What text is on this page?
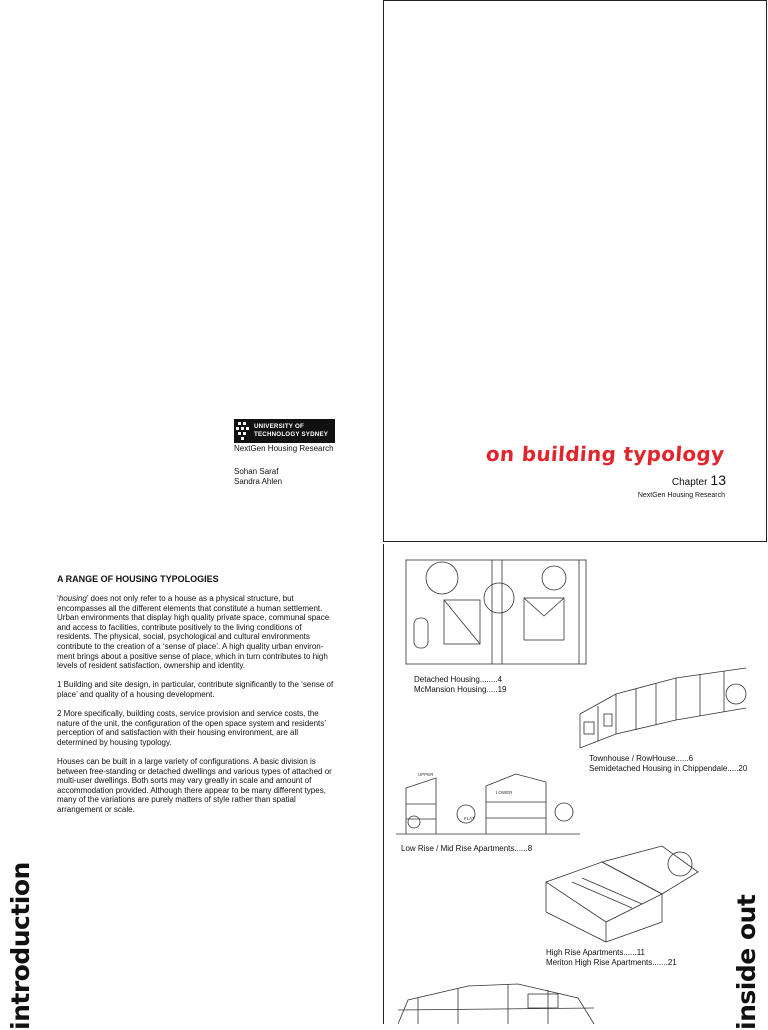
on building typology
Chapter 13
NextGen Housing Research
UNIVERSITY OF
TECHNOLOGY SYDNEY
NextGen Housing Research
Sohan Saraf
Sandra Ahlen
A RANGE OF HOUSING TYPOLOGIES

‘housing’ does not only refer to a house as a physical structure, but encompasses all the different elements that constitute a human settlement. Urban environments that display high quality private space, communal space and access to facilities, contribute positively to the living conditions of residents. The physical, social, psychological and cultural environments contribute to the creation of a ‘sense of place’. A high quality urban environ-ment brings about a positive sense of place, which in turn contributes to high levels of resident satisfaction, ownership and identity.

1 Building and site design, in particular, contribute significantly to the ‘sense of place’ and quality of a housing development.

2 More specifically, building costs, service provision and service costs, the nature of the unit, the configuration of the open space system and residents’ perception of and satisfaction with their housing environment, are all determined by housing typology.

Houses can be built in a large variety of configurations. A basic division is between free-standing or detached dwellings and various types of attached or multi-user dwellings. Both sorts may vary greatly in scale and amount of accommodation provided. Although there appear to be many different types, many of the variations are purely matters of style rather than spatial arrangement or scale.

introduction	inside out
UPPER
FLAT
LOWER
Detached Housing........4
McMansion Housing.....19
Townhouse / RowHouse......6
Semidetached Housing in Chippendale.....20
Low Rise / Mid Rise Apartments......8
High Rise Apartments......11
Meriton High Rise Apartments.......21
